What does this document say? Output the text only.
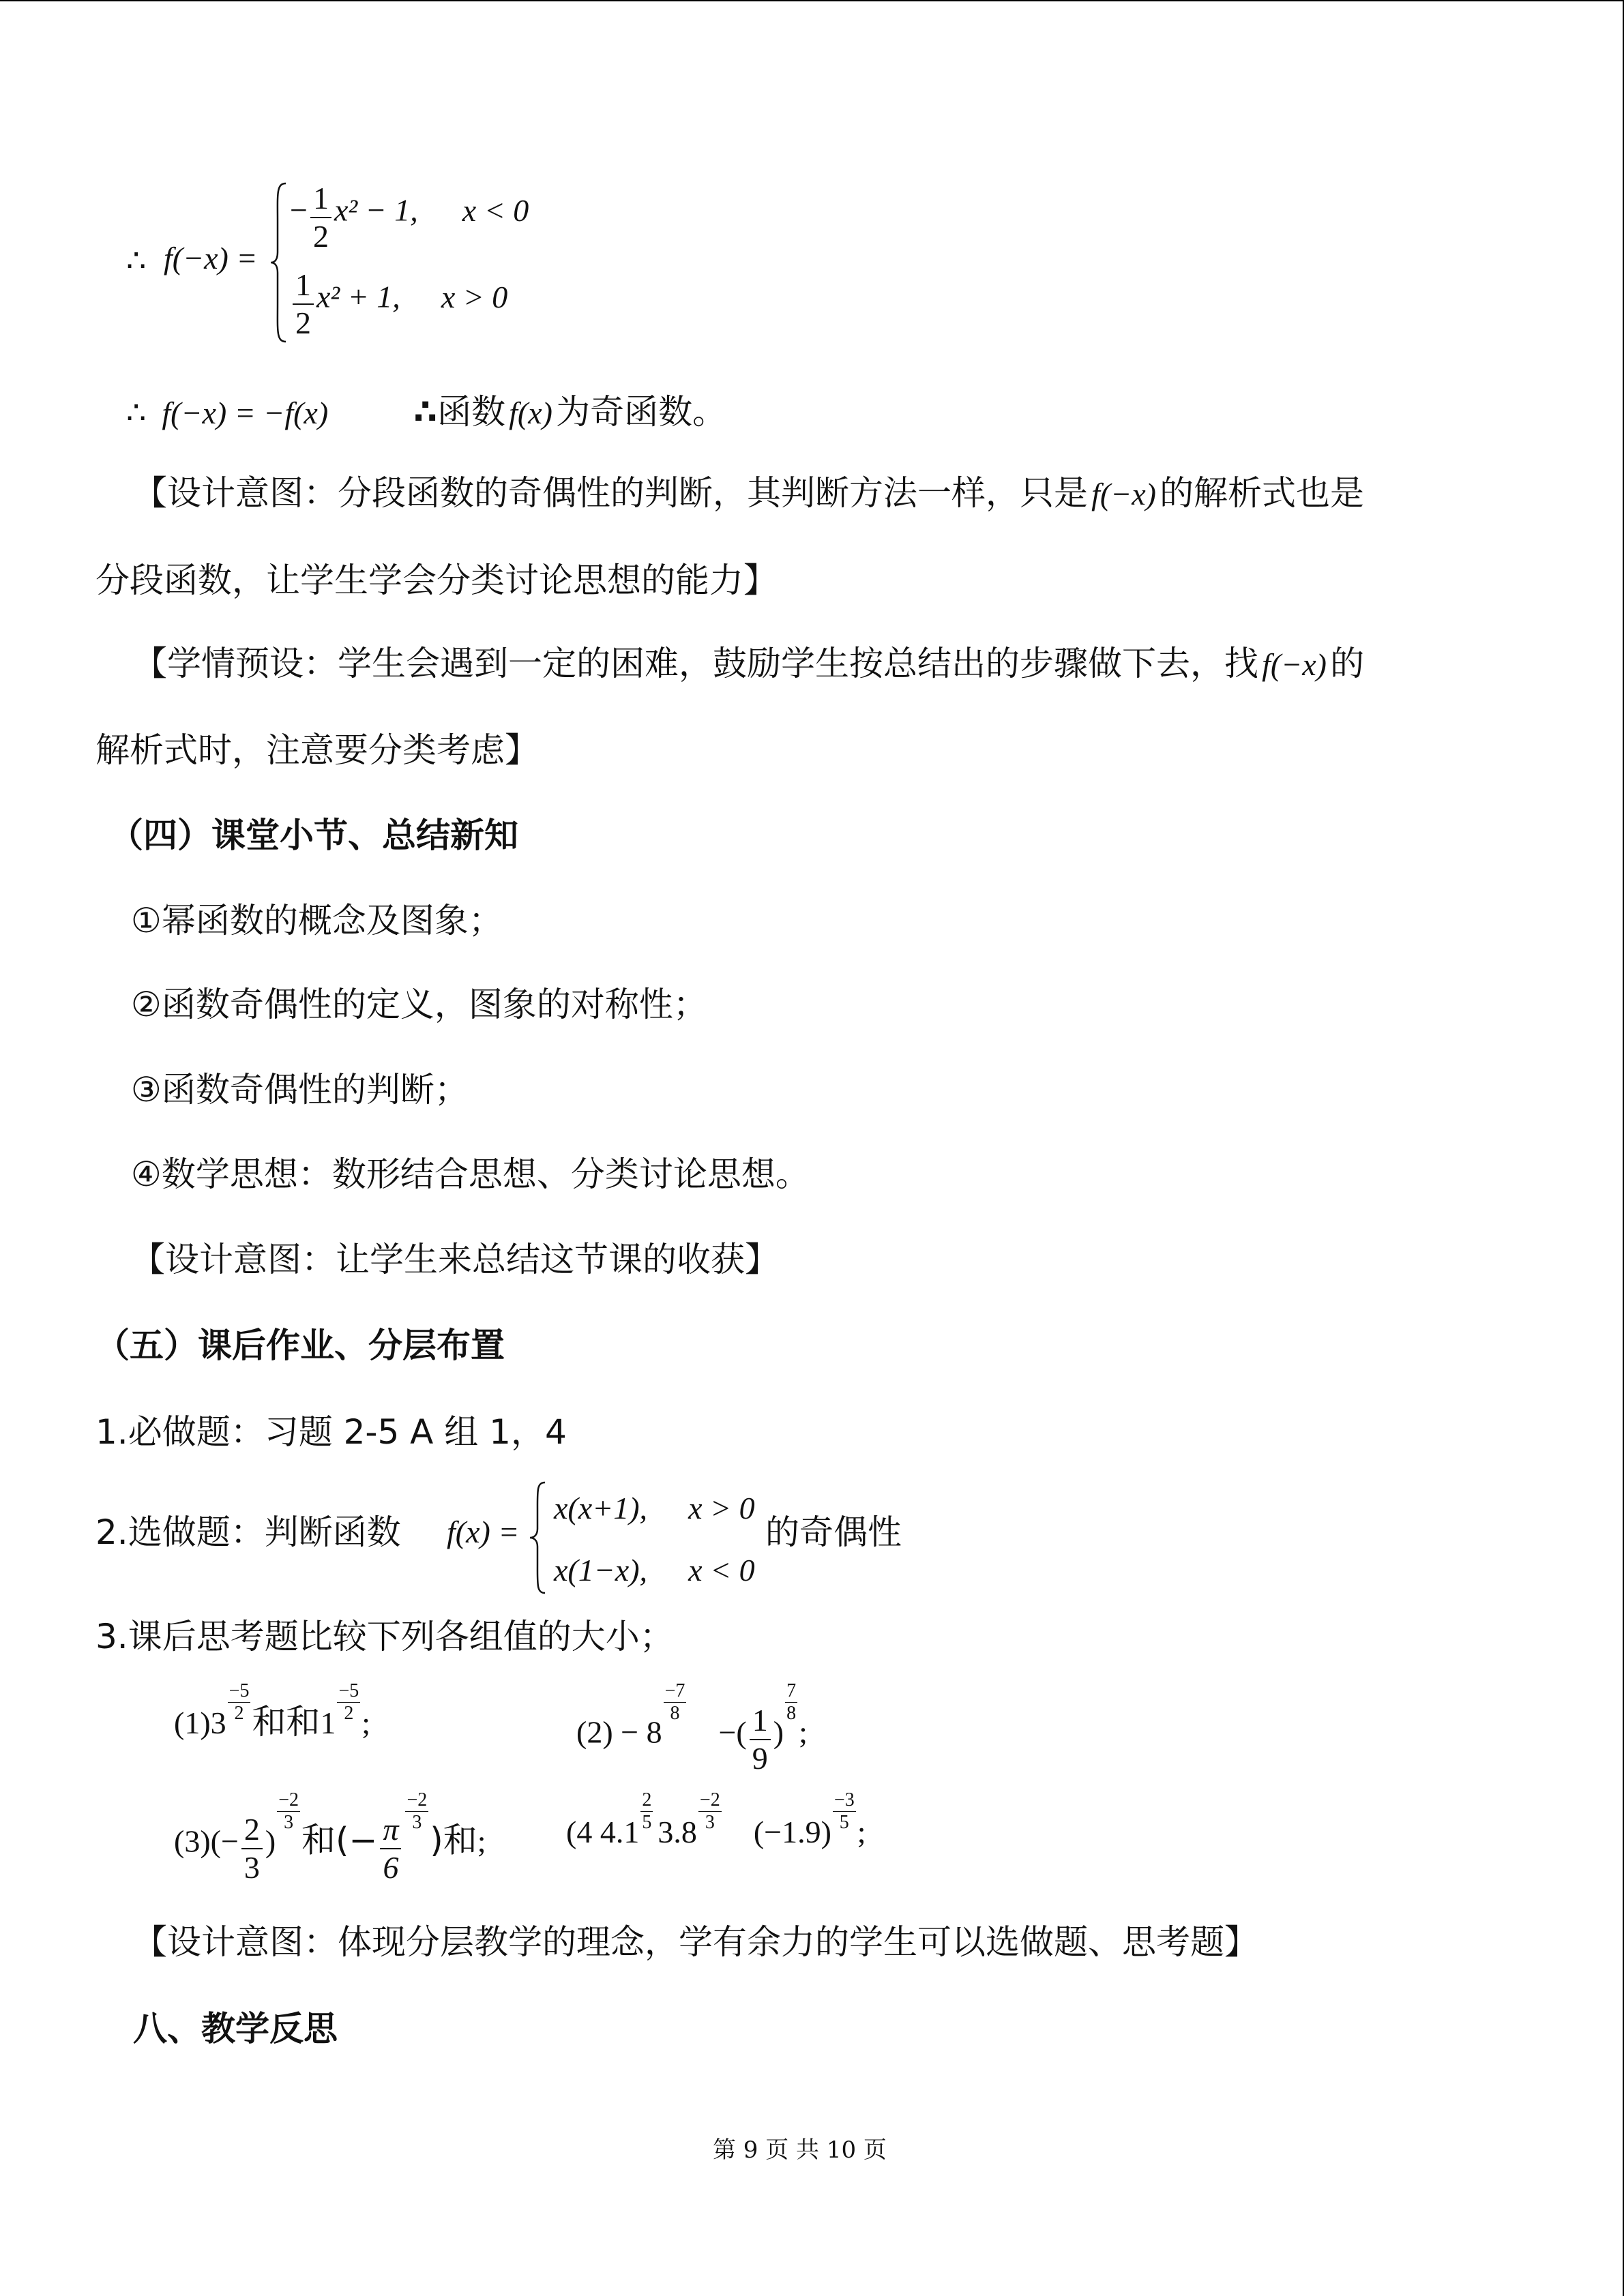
∴ f(−x) =
− $\frac{1}{2} x^2 - 1$, x < 0
$\frac{1}{2} x^2 + 1$, x > 0
∴ f(−x) = −f(x)	∴函数 f(x) 为奇函数。
【设计意图：分段函数的奇偶性的判断，其判断方法一样，只是 f(−x) 的解析式也是
分段函数，让学生学会分类讨论思想的能力】
【学情预设：学生会遇到一定的困难，鼓励学生按总结出的步骤做下去，找 f(−x) 的
解析式时，注意要分类考虑】
（四）课堂小节、总结新知
①幂函数的概念及图象；
②函数奇偶性的定义，图象的对称性；
③函数奇偶性的判断；
④数学思想：数形结合思想、分类讨论思想。
【设计意图：让学生来总结这节课的收获】
（五）课后作业、分层布置
1.必做题：习题 2-5 A 组 1，4
2.选做题：判断函数 f(x) =
x(x+1), x > 0
x(1−x), x < 0
的奇偶性
3.课后思考题比较下列各组值的大小；
$(1)3 \frac{-5}{2}$ 和和$1 \frac{-5}{2}$ ;	(2) − 8
$\frac{-7}{8}$
−( $\frac{1}{9}$ )
$\frac{7}{8}$
;
$(3)(- \frac{2}{3}$ )
$\frac{-2}{3}$
和(− $\frac{\pi}{6}$
$\frac{-2}{3}$
)和;	(4 $4.1 \frac{2}{5} 3.8 \frac{-2}{3} (-1.9) \frac{-3}{5}$ ;
【设计意图：体现分层教学的理念，学有余力的学生可以选做题、思考题】
八、教学反思
第 9 页 共 10 页
